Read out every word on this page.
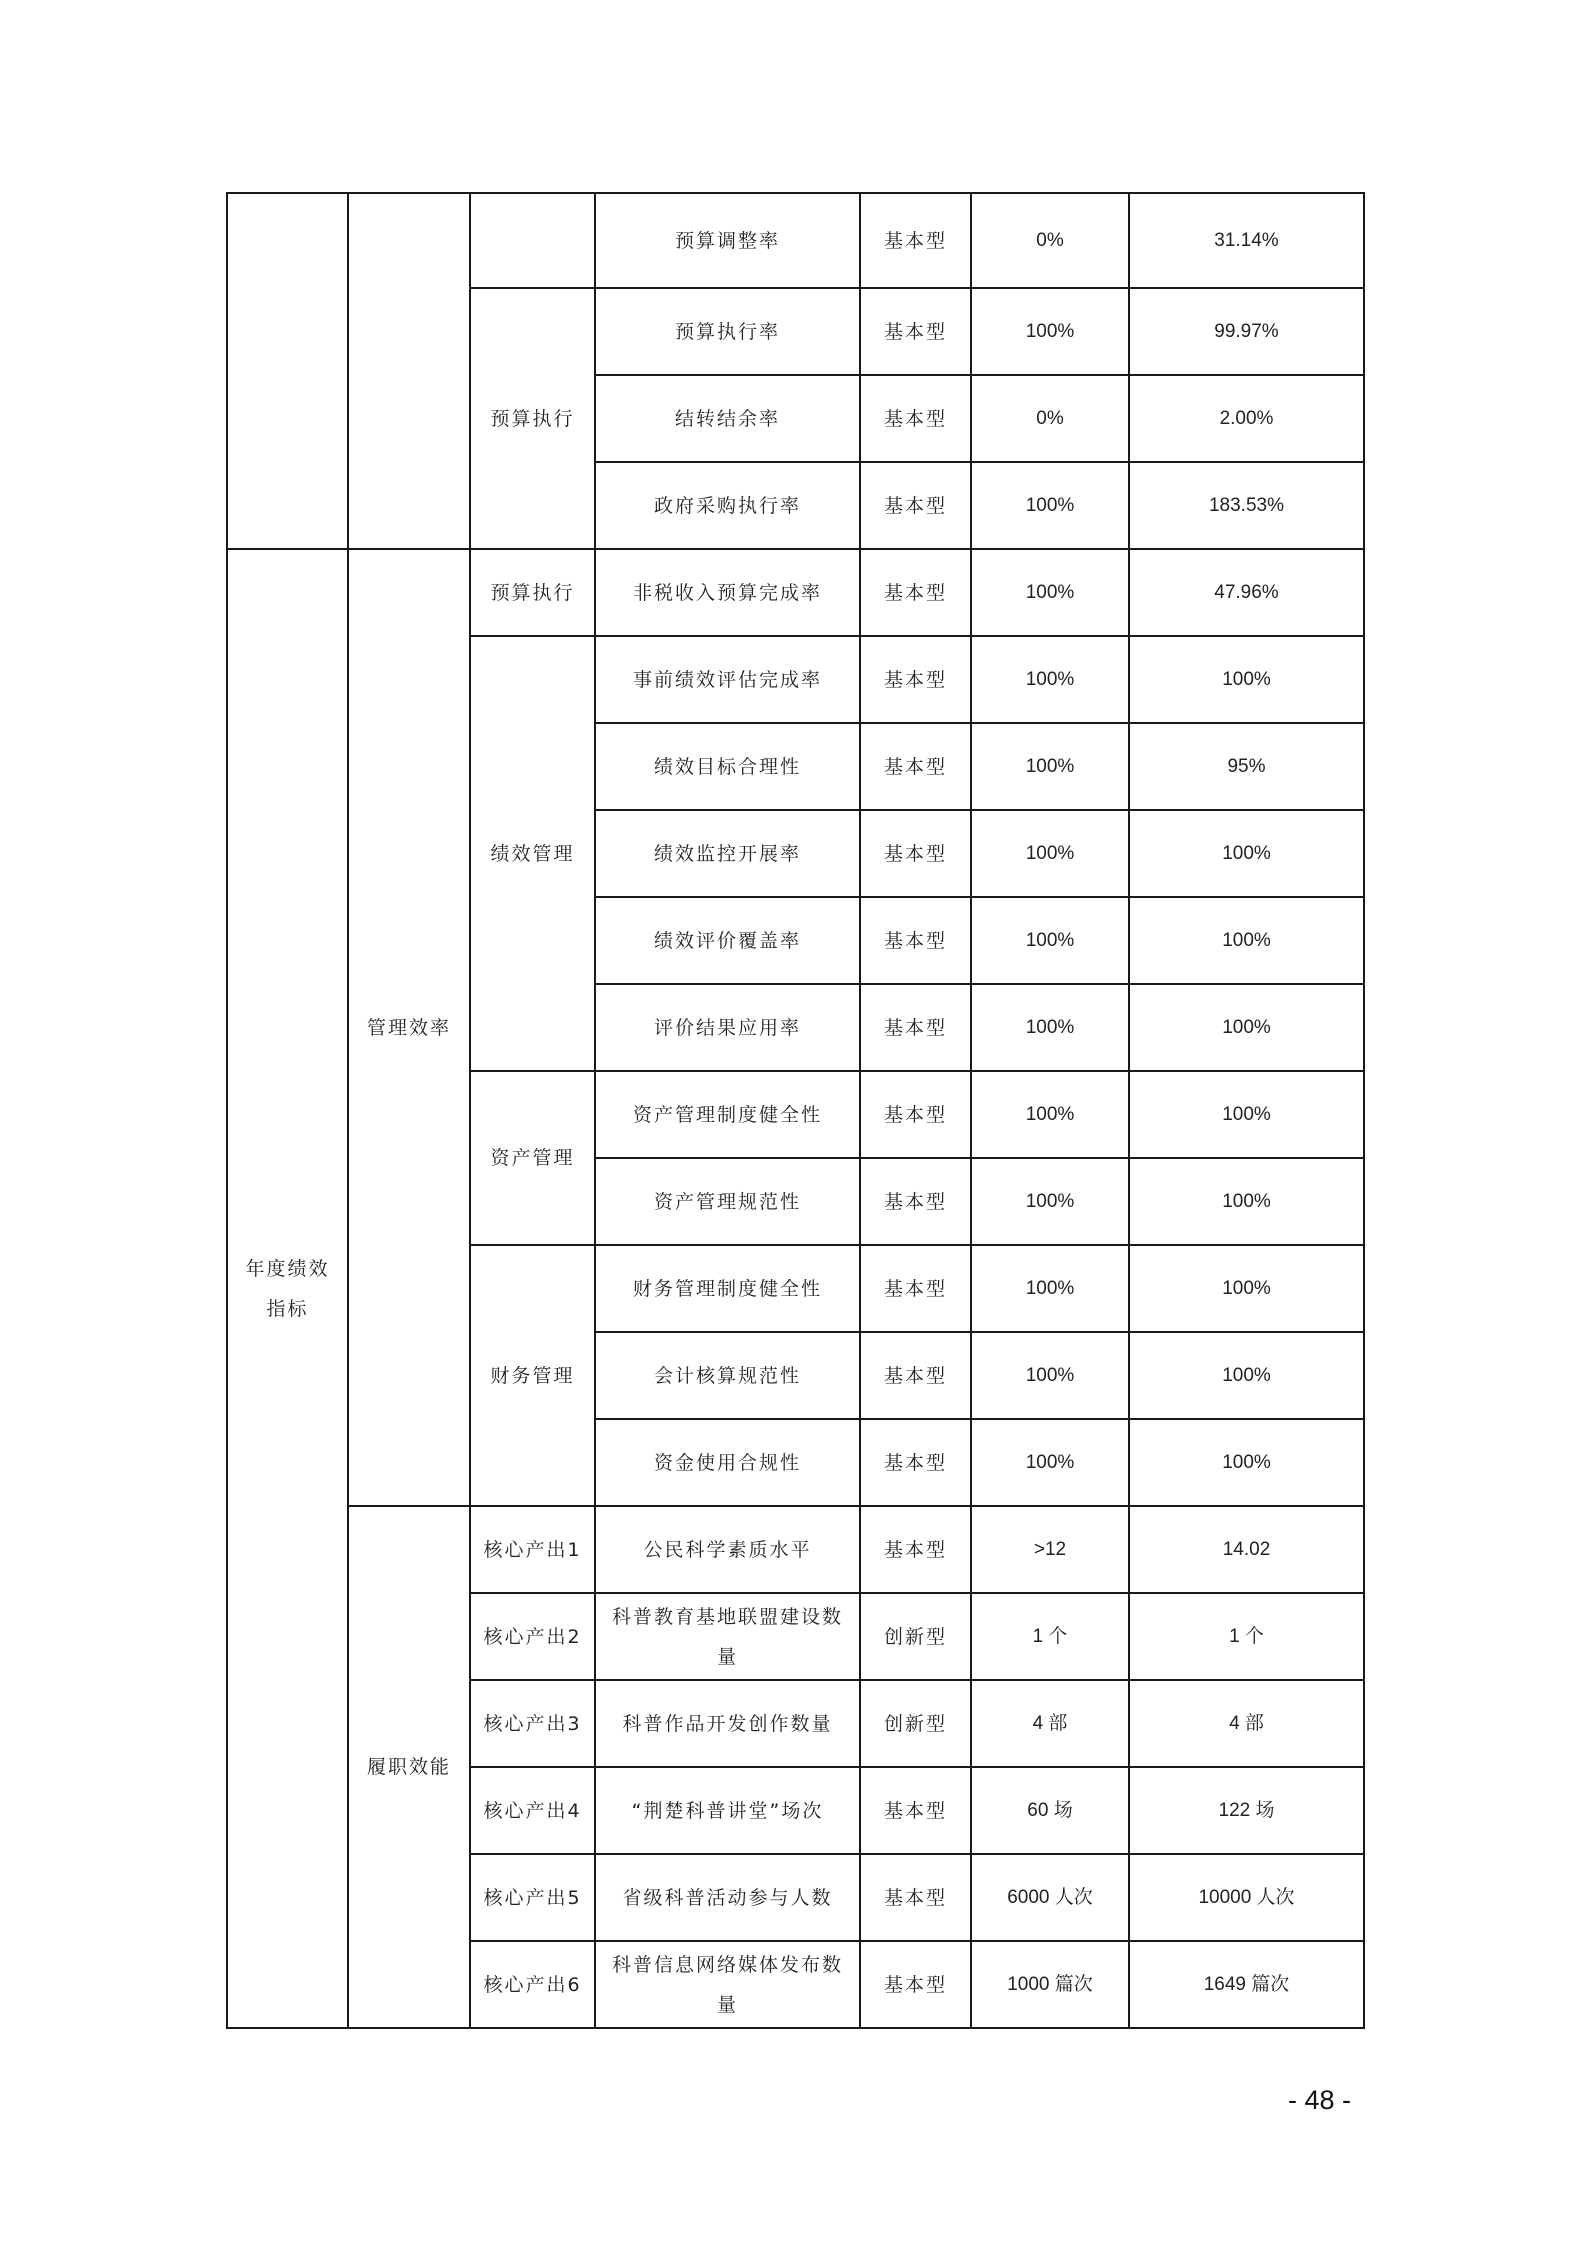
			预算调整率	基本型	0%	31.14%
		预算执行	预算执行率	基本型	100%	99.97%
			结转结余率	基本型	0%	2.00%
			政府采购执行率	基本型	100%	183.53%
年度绩效指标	管理效率	预算执行	非税收入预算完成率	基本型	100%	47.96%
		绩效管理	事前绩效评估完成率	基本型	100%	100%
			绩效目标合理性	基本型	100%	95%
			绩效监控开展率	基本型	100%	100%
			绩效评价覆盖率	基本型	100%	100%
			评价结果应用率	基本型	100%	100%
		资产管理	资产管理制度健全性	基本型	100%	100%
			资产管理规范性	基本型	100%	100%
		财务管理	财务管理制度健全性	基本型	100%	100%
			会计核算规范性	基本型	100%	100%
			资金使用合规性	基本型	100%	100%
	履职效能	核心产出1	公民科学素质水平	基本型	>12	14.02
		核心产出2	科普教育基地联盟建设数量	创新型	1 个	1 个
		核心产出3	科普作品开发创作数量	创新型	4 部	4 部
		核心产出4	“荆楚科普讲堂”场次	基本型	60 场	122 场
		核心产出5	省级科普活动参与人数	基本型	6000 人次	10000 人次
		核心产出6	科普信息网络媒体发布数量	基本型	1000 篇次	1649 篇次
- 48 -
